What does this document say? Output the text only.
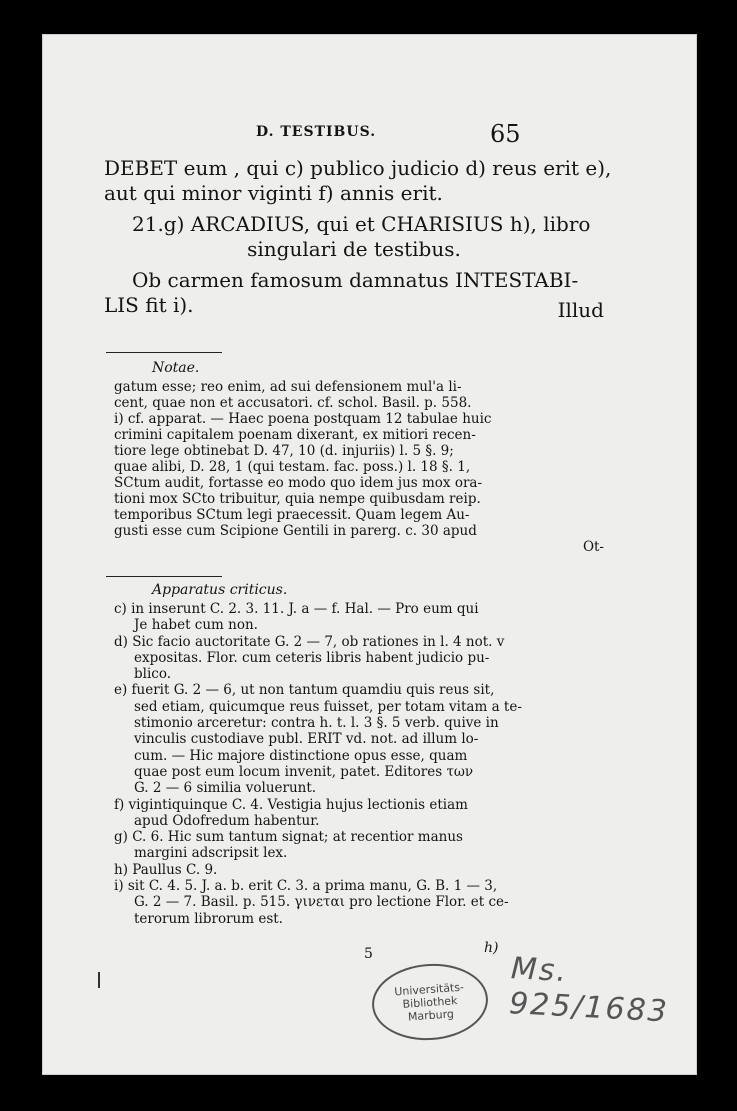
D. TESTIBUS.	65
DEBET eum , qui c) publico judicio d) reus erit e),
aut qui minor viginti f) annis erit.
21.g) ARCADIUS, qui et CHARISIUS h), libro
singulari de testibus.
Ob carmen famosum damnatus INTESTABI-
LIS fit i).	Illud
Notae.
gatum esse; reo enim, ad sui defensionem mul'a li-
cent, quae non et accusatori. cf. schol. Basil. p. 558.
i) cf. apparat. — Haec poena postquam 12 tabulae huic
crimini capitalem poenam dixerant, ex mitiori recen-
tiore lege obtinebat D. 47, 10 (d. injuriis) l. 5 §. 9;
quae alibi, D. 28, 1 (qui testam. fac. poss.) l. 18 §. 1,
SCtum audit, fortasse eo modo quo idem jus mox ora-
tioni mox SCto tribuitur, quia nempe quibusdam reip.
temporibus SCtum legi praecessit. Quam legem Au-
gusti esse cum Scipione Gentili in parerg. c. 30 apud
Ot-
Apparatus criticus.
c) in inserunt C. 2. 3. 11. J. a — f. Hal. — Pro eum qui
Je habet cum non.
d) Sic facio auctoritate G. 2 — 7, ob rationes in l. 4 not. v
expositas. Flor. cum ceteris libris habent judicio pu-
blico.
e) fuerit G. 2 — 6, ut non tantum quamdiu quis reus sit,
sed etiam, quicumque reus fuisset, per totam vitam a te-
stimonio arceretur: contra h. t. l. 3 §. 5 verb. quive in
vinculis custodiave publ. ERIT vd. not. ad illum lo-
cum. — Hic majore distinctione opus esse, quam
quae post eum locum invenit, patet. Editores των
G. 2 — 6 similia voluerunt.
f) vigintiquinque C. 4. Vestigia hujus lectionis etiam
apud Odofredum habentur.
g) C. 6. Hic sum tantum signat; at recentior manus
margini adscripsit lex.
h) Paullus C. 9.
i) sit C. 4. 5. J. a. b. erit C. 3. a prima manu, G. B. 1 — 3,
G. 2 — 7. Basil. p. 515. γινεται pro lectione Flor. et ce-
terorum librorum est.
5	h)
Universitäts-
Bibliothek
Marburg
Ms. 925/1683
